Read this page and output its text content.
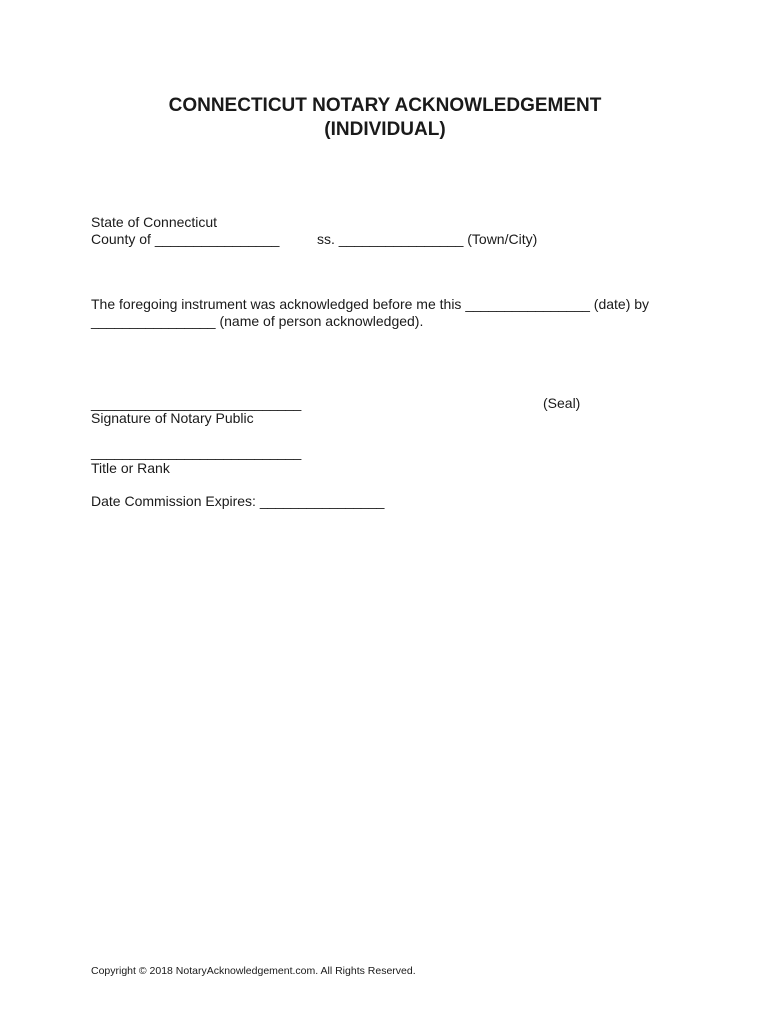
CONNECTICUT NOTARY ACKNOWLEDGEMENT
(INDIVIDUAL)
State of Connecticut
County of ________________	ss. ________________ (Town/City)
The foregoing instrument was acknowledged before me this ________________ (date) by
________________ (name of person acknowledged).
___________________________	(Seal)
Signature of Notary Public
___________________________
Title or Rank
Date Commission Expires: ________________
Copyright © 2018 NotaryAcknowledgement.com. All Rights Reserved.
